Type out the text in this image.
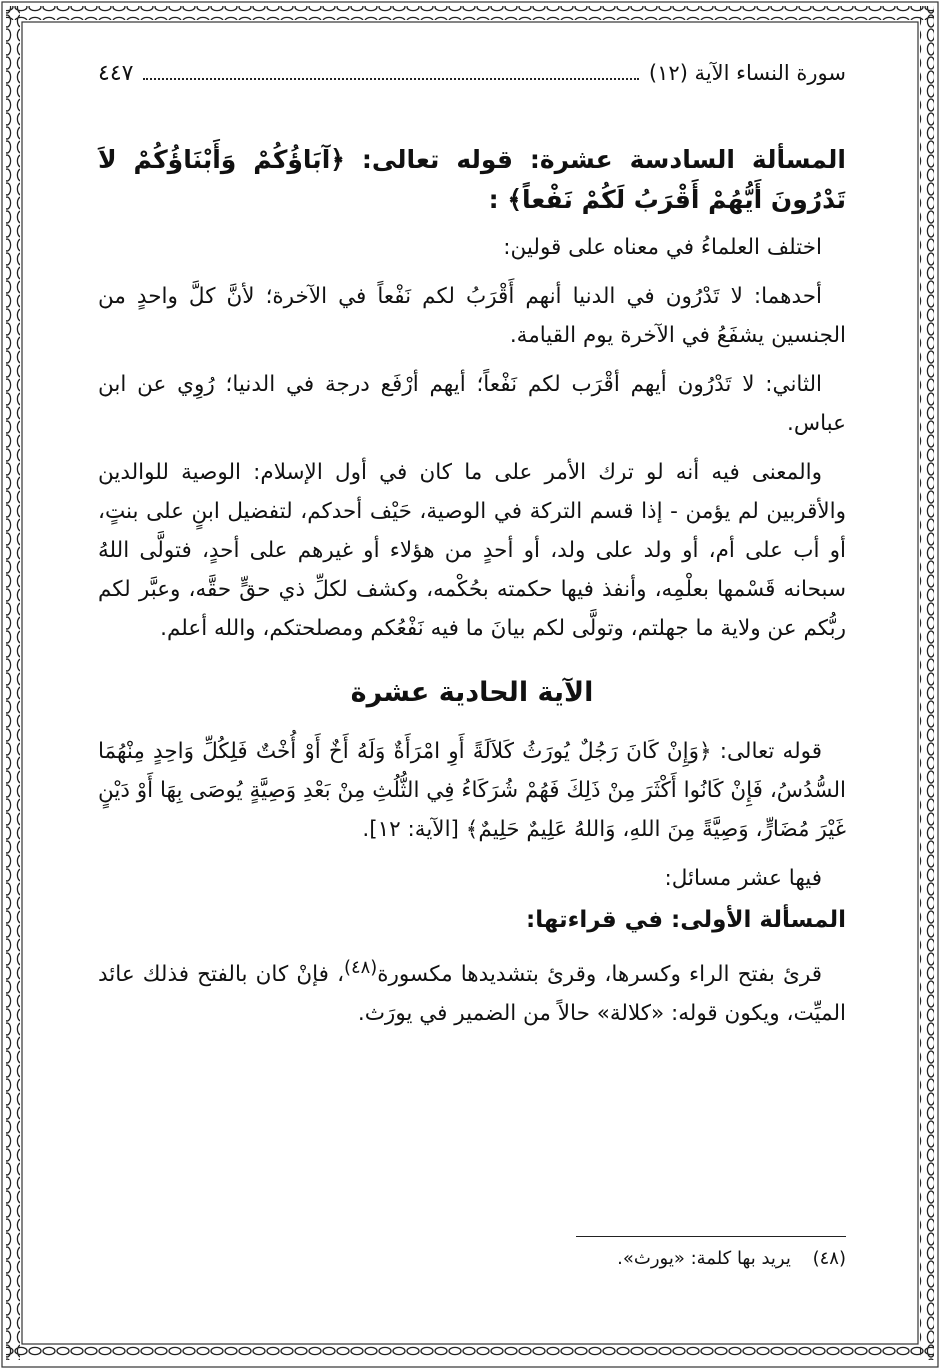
سورة النساء الآية (١٢)
٤٤٧

المسألة السادسة عشرة: قوله تعالى: ﴿آبَاؤُكُمْ وَأَبْنَاؤُكُمْ لاَ تَدْرُونَ أَيُّهُمْ أَقْرَبُ لَكُمْ نَفْعاً﴾ :

اختلف العلماءُ في معناه على قولين:

أحدهما: لا تَدْرُون في الدنيا أنهم أَقْرَبُ لكم نَفْعاً في الآخرة؛ لأنَّ كلَّ واحدٍ من الجنسين يشفَعُ في الآخرة يوم القيامة.

الثاني: لا تَدْرُون أيهم أقْرَب لكم نَفْعاً؛ أيهم أرْفَع درجة في الدنيا؛ رُوِي عن ابن عباس.

والمعنى فيه أنه لو ترك الأمر على ما كان في أول الإسلام: الوصية للوالدين والأقربين لم يؤمن - إذا قسم التركة في الوصية، حَيْف أحدكم، لتفضيل ابنٍ على بنتٍ، أو أب على أم، أو ولد على ولد، أو أحدٍ من هؤلاء أو غيرهم على أحدٍ، فتولَّى اللهُ سبحانه قَسْمها بعلْمِه، وأنفذ فيها حكمته بحُكْمه، وكشف لكلِّ ذي حقٍّ حقَّه، وعبَّر لكم ربُّكم عن ولاية ما جهلتم، وتولَّى لكم بيانَ ما فيه نَفْعُكم ومصلحتكم، والله أعلم.

الآية الحادية عشرة

قوله تعالى: ﴿وَإِنْ كَانَ رَجُلٌ يُورَثُ كَلاَلَةً أَوِ امْرَأَةٌ وَلَهُ أَخٌ أَوْ أُخْتٌ فَلِكُلِّ وَاحِدٍ مِنْهُمَا السُّدُسُ، فَإِنْ كَانُوا أَكْثَرَ مِنْ ذَلِكَ فَهُمْ شُرَكَاءُ فِي الثُّلُثِ مِنْ بَعْدِ وَصِيَّةٍ يُوصَى بِهَا أَوْ دَيْنٍ غَيْرَ مُضَارٍّ، وَصِيَّةً مِنَ اللهِ، وَاللهُ عَلِيمٌ حَلِيمٌ﴾ [الآية: ١٢].

فيها عشر مسائل:

المسألة الأولى: في قراءتها:

قرئ بفتح الراء وكسرها، وقرئ بتشديدها مكسورة$^{(٤٨)}$، فإنْ كان بالفتح فذلك عائد الميِّت، ويكون قوله: «كلالة» حالاً من الضمير في يورَث.

(٤٨) يريد بها كلمة: «يورث».
